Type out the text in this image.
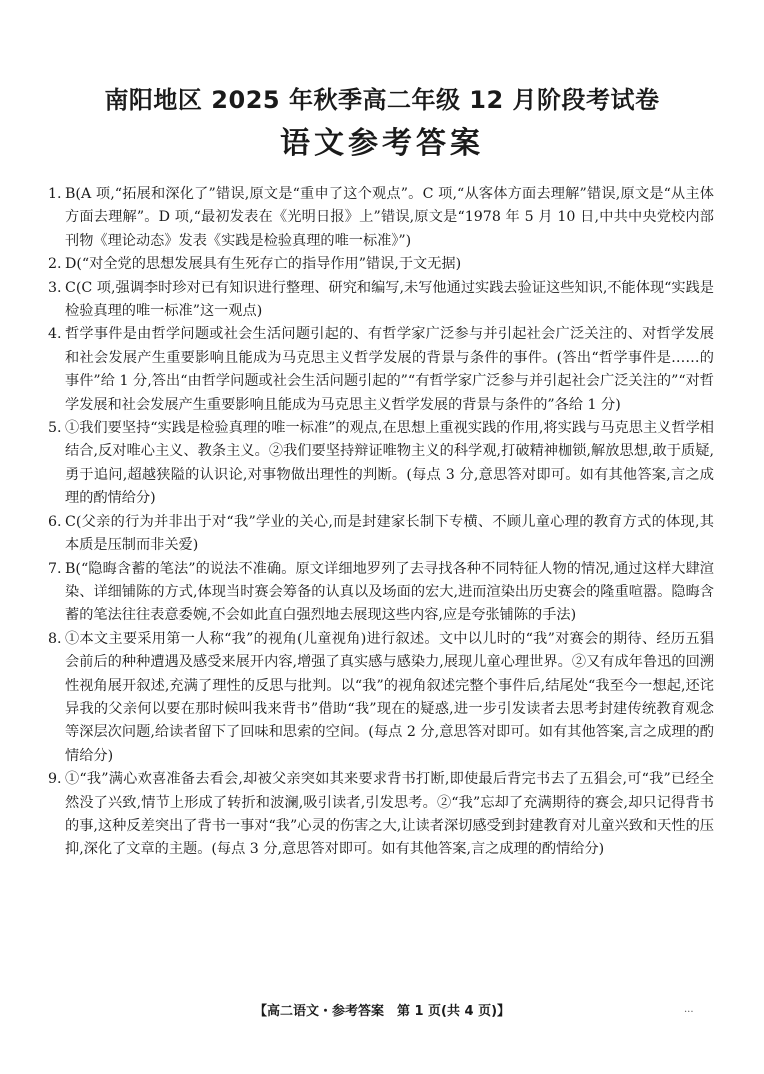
南阳地区 2025 年秋季高二年级 12 月阶段考试卷
语文参考答案
1. B(A 项,“拓展和深化了”错误,原文是“重申了这个观点”。C 项,“从客体方面去理解”错误,原文是“从主体方面去理解”。D 项,“最初发表在《光明日报》上”错误,原文是“1978 年 5 月 10 日,中共中央党校内部刊物《理论动态》发表《实践是检验真理的唯一标准》”)
2. D(“对全党的思想发展具有生死存亡的指导作用”错误,于文无据)
3. C(C 项,强调李时珍对已有知识进行整理、研究和编写,未写他通过实践去验证这些知识,不能体现“实践是检验真理的唯一标准”这一观点)
4. 哲学事件是由哲学问题或社会生活问题引起的、有哲学家广泛参与并引起社会广泛关注的、对哲学发展和社会发展产生重要影响且能成为马克思主义哲学发展的背景与条件的事件。(答出“哲学事件是……的事件”给 1 分,答出“由哲学问题或社会生活问题引起的”“有哲学家广泛参与并引起社会广泛关注的”“对哲学发展和社会发展产生重要影响且能成为马克思主义哲学发展的背景与条件的”各给 1 分)
5. ①我们要坚持“实践是检验真理的唯一标准”的观点,在思想上重视实践的作用,将实践与马克思主义哲学相结合,反对唯心主义、教条主义。②我们要坚持辩证唯物主义的科学观,打破精神枷锁,解放思想,敢于质疑,勇于追问,超越狭隘的认识论,对事物做出理性的判断。(每点 3 分,意思答对即可。如有其他答案,言之成理的酌情给分)
6. C(父亲的行为并非出于对“我”学业的关心,而是封建家长制下专横、不顾儿童心理的教育方式的体现,其本质是压制而非关爱)
7. B(“隐晦含蓄的笔法”的说法不准确。原文详细地罗列了去寻找各种不同特征人物的情况,通过这样大肆渲染、详细铺陈的方式,体现当时赛会筹备的认真以及场面的宏大,进而渲染出历史赛会的隆重喧嚣。隐晦含蓄的笔法往往表意委婉,不会如此直白强烈地去展现这些内容,应是夸张铺陈的手法)
8. ①本文主要采用第一人称“我”的视角(儿童视角)进行叙述。文中以儿时的“我”对赛会的期待、经历五猖会前后的种种遭遇及感受来展开内容,增强了真实感与感染力,展现儿童心理世界。②又有成年鲁迅的回溯性视角展开叙述,充满了理性的反思与批判。以“我”的视角叙述完整个事件后,结尾处“我至今一想起,还诧异我的父亲何以要在那时候叫我来背书”借助“我”现在的疑惑,进一步引发读者去思考封建传统教育观念等深层次问题,给读者留下了回味和思索的空间。(每点 2 分,意思答对即可。如有其他答案,言之成理的酌情给分)
9. ①“我”满心欢喜准备去看会,却被父亲突如其来要求背书打断,即使最后背完书去了五猖会,可“我”已经全然没了兴致,情节上形成了转折和波澜,吸引读者,引发思考。②“我”忘却了充满期待的赛会,却只记得背书的事,这种反差突出了背书一事对“我”心灵的伤害之大,让读者深切感受到封建教育对儿童兴致和天性的压抑,深化了文章的主题。(每点 3 分,意思答对即可。如有其他答案,言之成理的酌情给分)
【高二语文・参考答案　第 1 页(共 4 页)】	...
